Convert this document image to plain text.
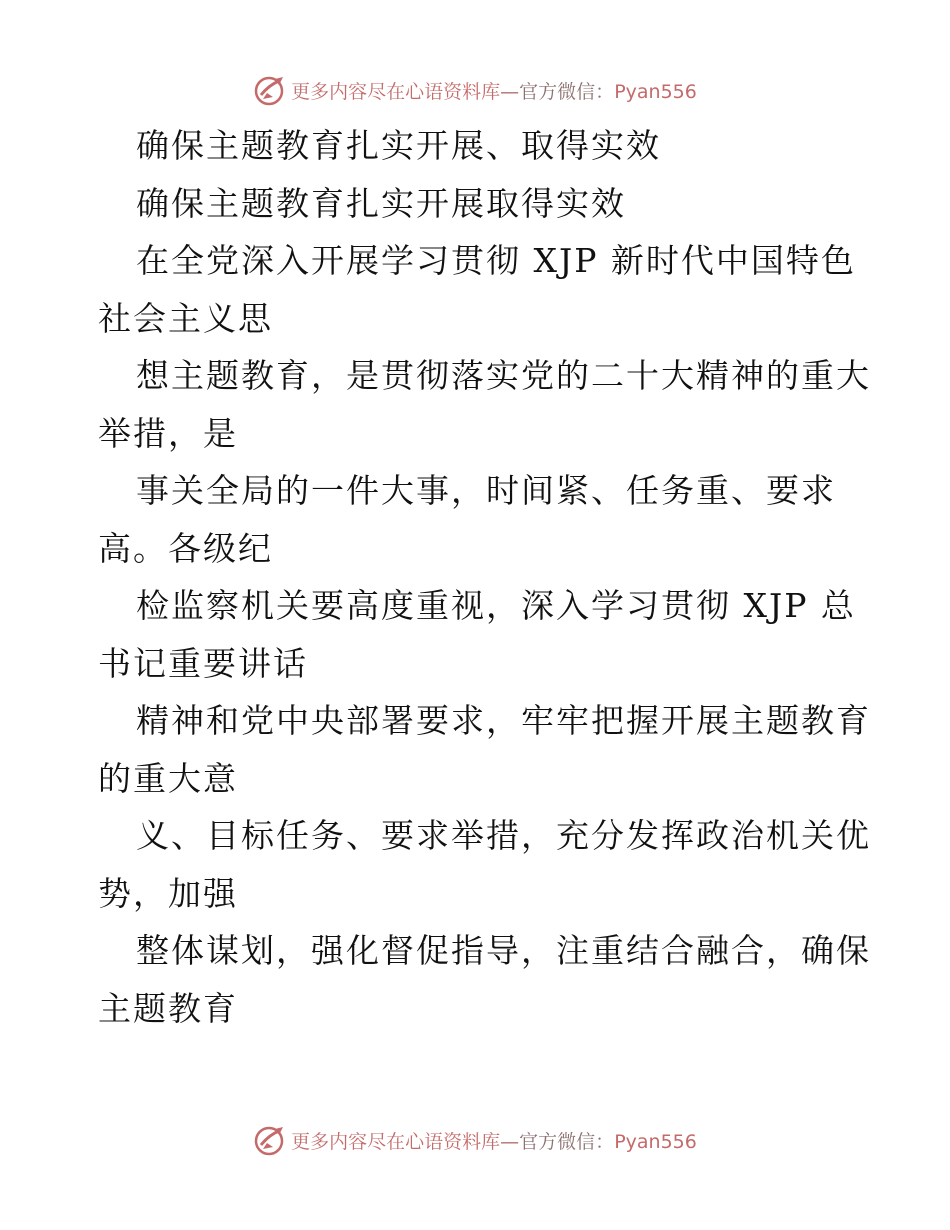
更多内容尽在心语资料库—官方微信：Pyan556
确保主题教育扎实开展、取得实效
确保主题教育扎实开展取得实效
在全党深入开展学习贯彻 XJP 新时代中国特色
社会主义思
想主题教育，是贯彻落实党的二十大精神的重大
举措，是
事关全局的一件大事，时间紧、任务重、要求
高。各级纪
检监察机关要高度重视，深入学习贯彻 XJP 总
书记重要讲话
精神和党中央部署要求，牢牢把握开展主题教育
的重大意
义、目标任务、要求举措，充分发挥政治机关优
势，加强
整体谋划，强化督促指导，注重结合融合，确保
主题教育
更多内容尽在心语资料库—官方微信：Pyan556
